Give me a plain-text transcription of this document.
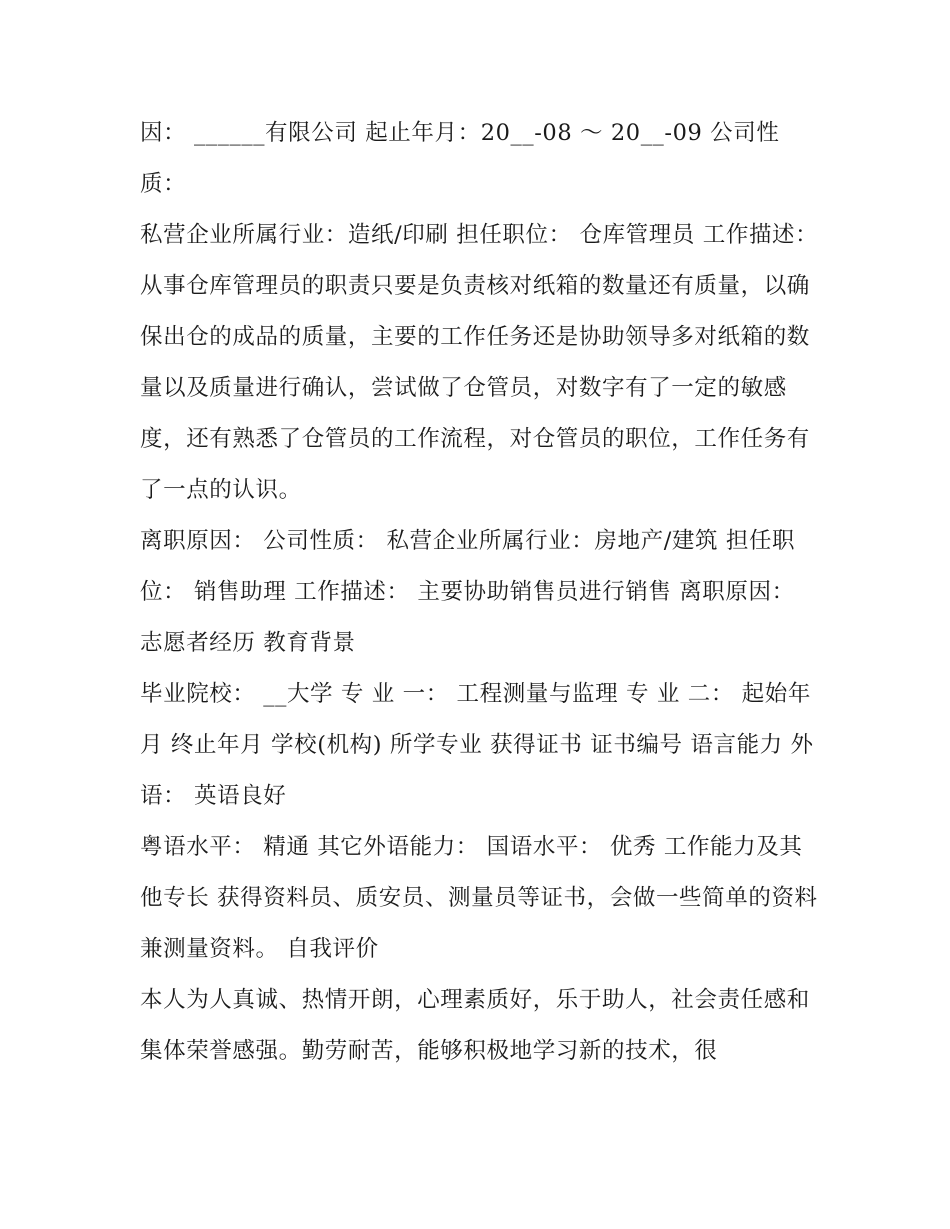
因： ______有限公司 起止年月：20__-08 ～ 20__-09 公司性质：

私营企业所属行业：造纸/印刷 担任职位： 仓库管理员 工作描述：

从事仓库管理员的职责只要是负责核对纸箱的数量还有质量，以确保出仓的成品的质量，主要的工作任务还是协助领导多对纸箱的数量以及质量进行确认，尝试做了仓管员，对数字有了一定的敏感度，还有熟悉了仓管员的工作流程，对仓管员的职位，工作任务有了一点的认识。

离职原因： 公司性质： 私营企业所属行业：房地产/建筑 担任职位： 销售助理 工作描述： 主要协助销售员进行销售 离职原因： 志愿者经历 教育背景

毕业院校： __大学 专 业 一： 工程测量与监理 专 业 二： 起始年月 终止年月 学校(机构) 所学专业 获得证书 证书编号 语言能力 外语： 英语良好

粤语水平： 精通 其它外语能力： 国语水平： 优秀 工作能力及其他专长 获得资料员、质安员、测量员等证书，会做一些简单的资料兼测量资料。 自我评价

本人为人真诚、热情开朗，心理素质好，乐于助人，社会责任感和集体荣誉感强。勤劳耐苦，能够积极地学习新的技术，很
